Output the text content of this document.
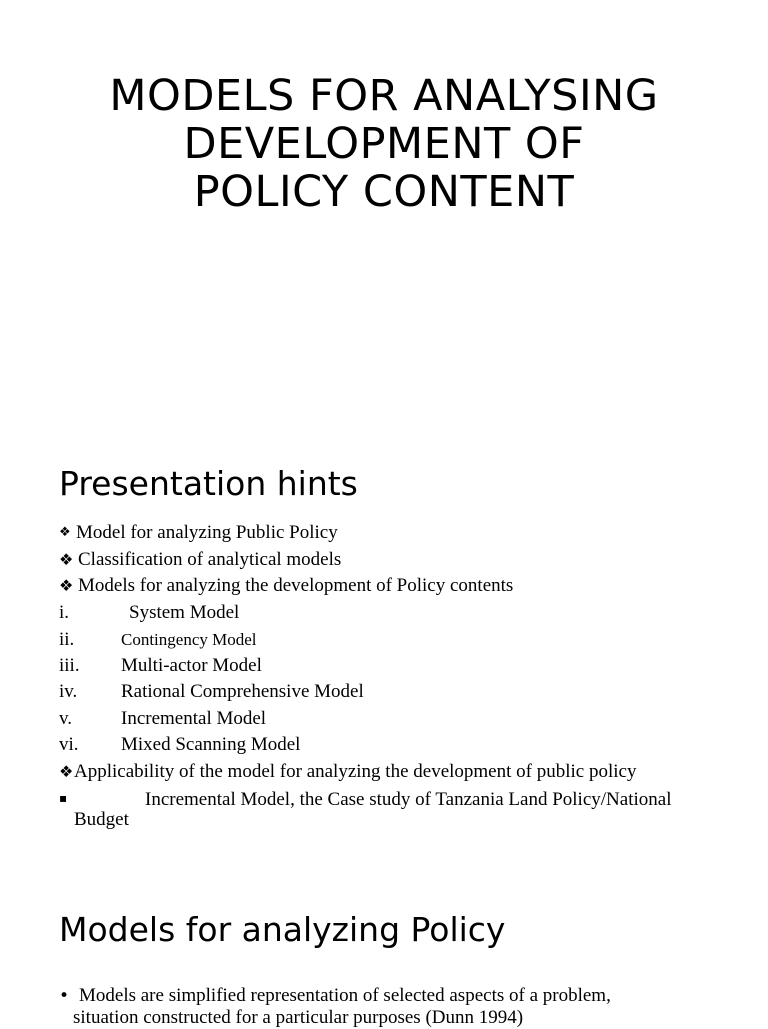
MODELS FOR ANALYSING
DEVELOPMENT OF
POLICY CONTENT
Presentation hints
❖ Model for analyzing Public Policy
❖ Classification of analytical models
❖ Models for analyzing the development of Policy contents
i.	System Model
ii.	Contingency Model
iii. Multi-actor Model
iv. Rational Comprehensive Model
v.	Incremental Model
vi. Mixed Scanning Model
❖Applicability of the model for analyzing the development of public policy
▪	Incremental Model, the Case study of Tanzania Land Policy/National
Budget
Models for analyzing Policy
• Models are simplified representation of selected aspects of a problem,
situation constructed for a particular purposes (Dunn 1994)
